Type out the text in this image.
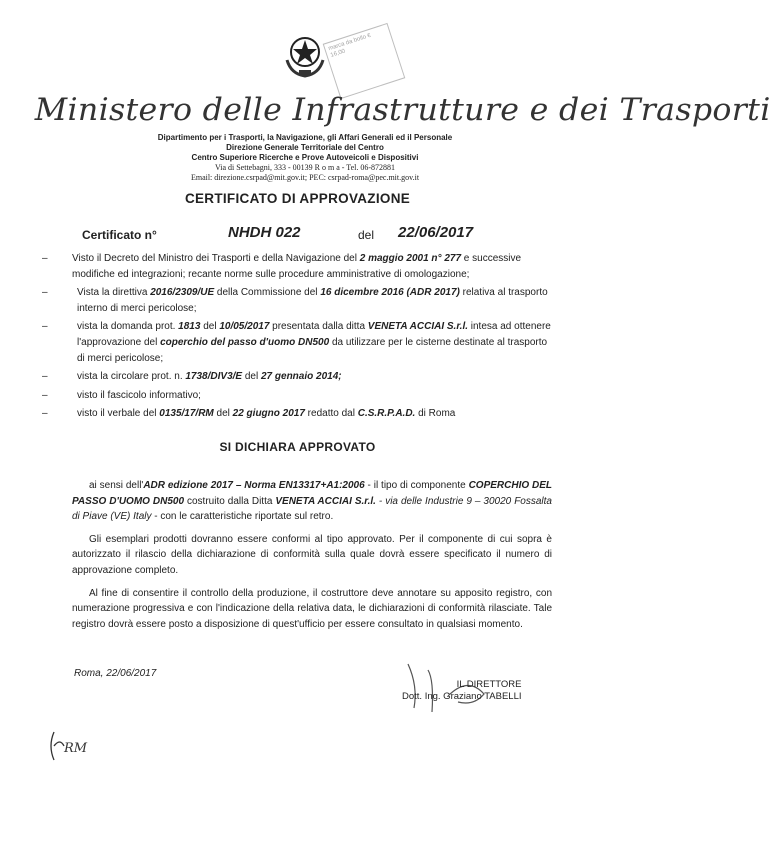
marca da bollo € 16,00
Ministero delle Infrastrutture e dei Trasporti
Dipartimento per i Trasporti, la Navigazione, gli Affari Generali ed il Personale
Direzione Generale Territoriale del Centro
Centro Superiore Ricerche e Prove Autoveicoli e Dispositivi
Via di Settebagni, 333 - 00139 R o m a - Tel. 06-872881
Email: direzione.csrpad@mit.gov.it; PEC: csrpad-roma@pec.mit.gov.it
CERTIFICATO DI APPROVAZIONE
Certificato n°	NHDH 022	del 22/06/2017
– Visto il Decreto del Ministro dei Trasporti e della Navigazione del 2 maggio 2001 n° 277 e successive modifiche ed integrazioni; recante norme sulle procedure amministrative di omologazione;
–	Vista la direttiva 2016/2309/UE della Commissione del 16 dicembre 2016 (ADR 2017) relativa al trasporto interno di merci pericolose;
–	vista la domanda prot. 1813 del 10/05/2017 presentata dalla ditta VENETA ACCIAI S.r.l. intesa ad ottenere l'approvazione del coperchio del passo d'uomo DN500 da utilizzare per le cisterne destinate al trasporto di merci pericolose;
–	vista la circolare prot. n. 1738/DIV3/E del 27 gennaio 2014;
–	visto il fascicolo informativo;
–	visto il verbale del 0135/17/RM del 22 giugno 2017 redatto dal C.S.R.P.A.D. di Roma
SI DICHIARA APPROVATO

ai sensi dell'ADR edizione 2017 – Norma EN13317+A1:2006 - il tipo di componente COPERCHIO DEL PASSO D'UOMO DN500 costruito dalla Ditta VENETA ACCIAI S.r.l. - via delle Industrie 9 – 30020 Fossalta di Piave (VE) Italy - con le caratteristiche riportate sul retro.

Gli esemplari prodotti dovranno essere conformi al tipo approvato. Per il componente di cui sopra è autorizzato il rilascio della dichiarazione di conformità sulla quale dovrà essere specificato il numero di approvazione completo.

Al fine di consentire il controllo della produzione, il costruttore deve annotare su apposito registro, con numerazione progressiva e con l'indicazione della relativa data, le dichiarazioni di conformità rilasciate. Tale registro dovrà essere posto a disposizione di quest'ufficio per essere consultato in qualsiasi momento.

Roma, 22/06/2017
IL DIRETTORE
Dott. Ing. Graziano TABELLI
RM
